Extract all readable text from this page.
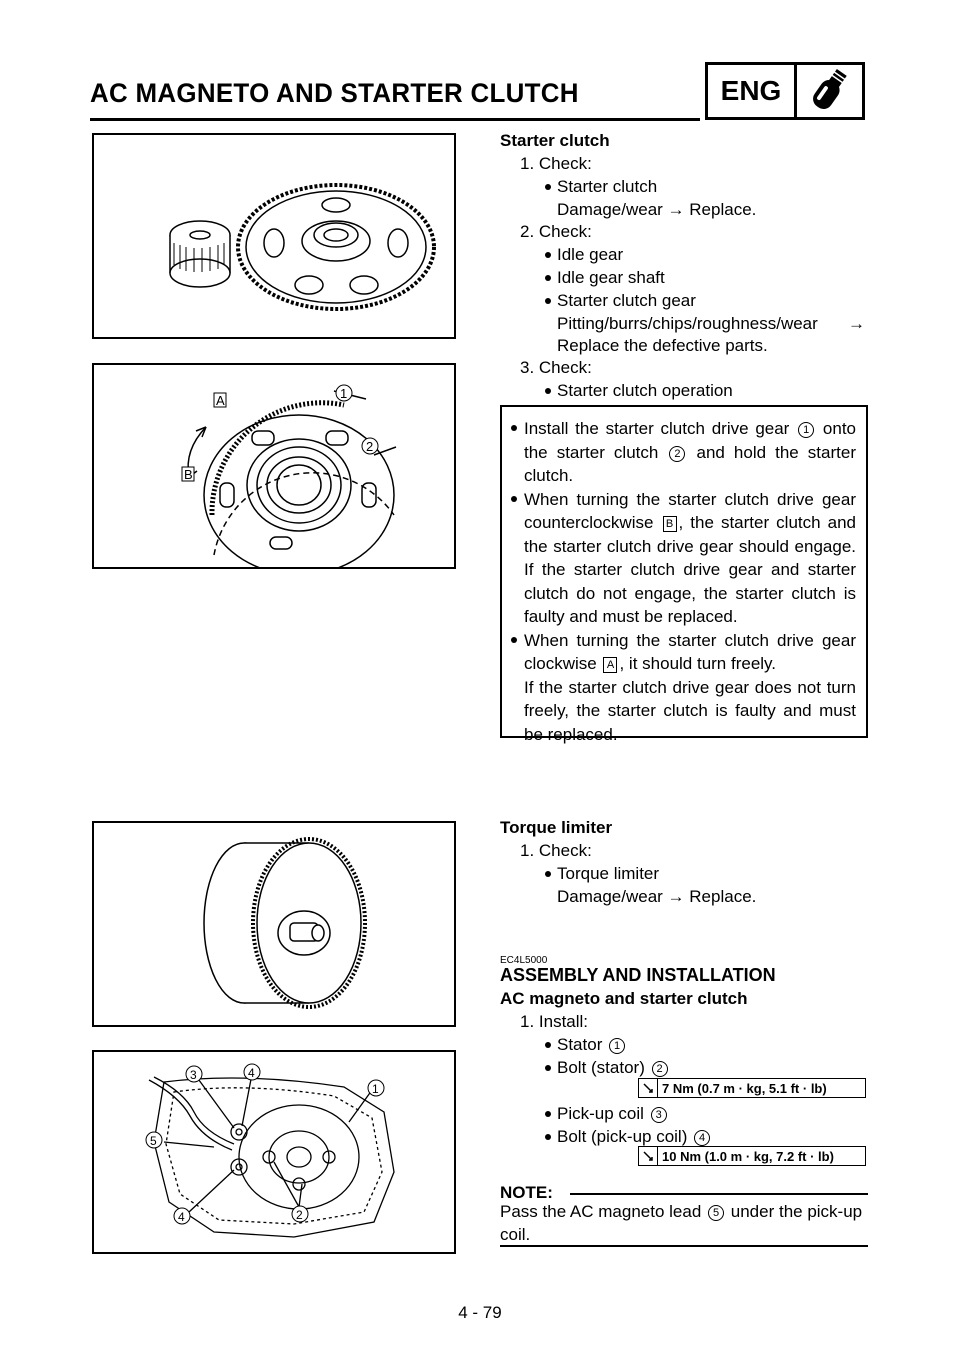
AC MAGNETO AND STARTER CLUTCH	ENG
1
2
A
B
Starter clutch
1. Check:
Starter clutch
Damage/wear → Replace.
2. Check:
Idle gear
Idle gear shaft
Starter clutch gear
Pitting/burrs/chips/roughness/wear →
Replace the defective parts.
3. Check:
Starter clutch operation
Install the starter clutch drive gear 1 onto the starter clutch 2 and hold the starter clutch.
When turning the starter clutch drive gear counterclockwise B , the starter clutch and the starter clutch drive gear should engage. If the starter clutch drive gear and starter clutch do not engage, the starter clutch is faulty and must be replaced.
When turning the starter clutch drive gear clockwise A , it should turn freely.
If the starter clutch drive gear does not turn freely, the starter clutch is faulty and must be replaced.
3	4
1
5
4	2
Torque limiter
1. Check:
Torque limiter
Damage/wear → Replace.
EC4L5000
ASSEMBLY AND INSTALLATION
AC magneto and starter clutch
1. Install:
Stator 1
Bolt (stator) 2
7 Nm (0.7 m · kg, 5.1 ft · lb)
Pick-up coil 3
Bolt (pick-up coil) 4
10 Nm (1.0 m · kg, 7.2 ft · lb)
NOTE:
Pass the AC magneto lead 5 under the pick-up coil.
4 - 79
